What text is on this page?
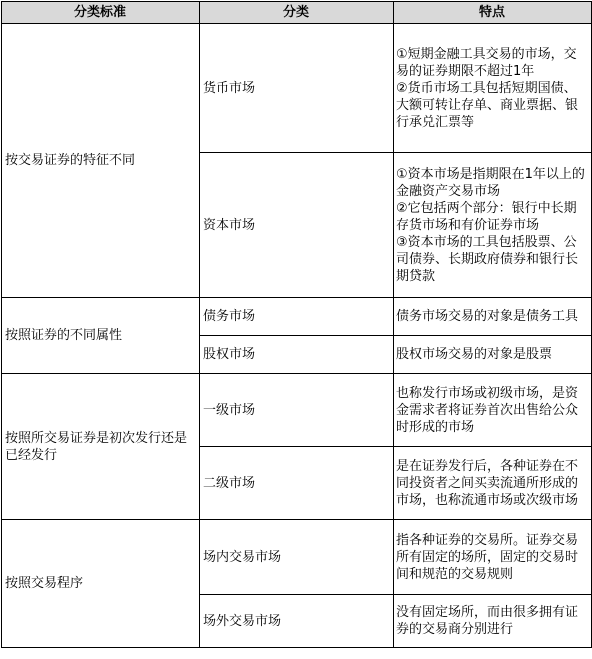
分类标准	分类	特点
按交易证券的特征不同	货币市场	①短期金融工具交易的市场，交易的证券期限不超过1年
②货币市场工具包括短期国债、大额可转让存单、商业票据、银行承兑汇票等

	资本市场	①资本市场是指期限在1年以上的金融资产交易市场
②它包括两个部分：银行中长期存货市场和有价证券市场
③资本市场的工具包括股票、公司债券、长期政府债券和银行长期贷款

按照证券的不同属性	债务市场	债务市场交易的对象是债务工具

	股权市场	股权市场交易的对象是股票

按照所交易证券是初次发行还是已经发行	一级市场	也称发行市场或初级市场，是资金需求者将证券首次出售给公众时形成的市场

	二级市场	是在证券发行后，各种证券在不同投资者之间买卖流通所形成的市场，也称流通市场或次级市场

按照交易程序	场内交易市场	指各种证券的交易所。证券交易所有固定的场所，固定的交易时间和规范的交易规则

	场外交易市场	没有固定场所，而由很多拥有证券的交易商分别进行
